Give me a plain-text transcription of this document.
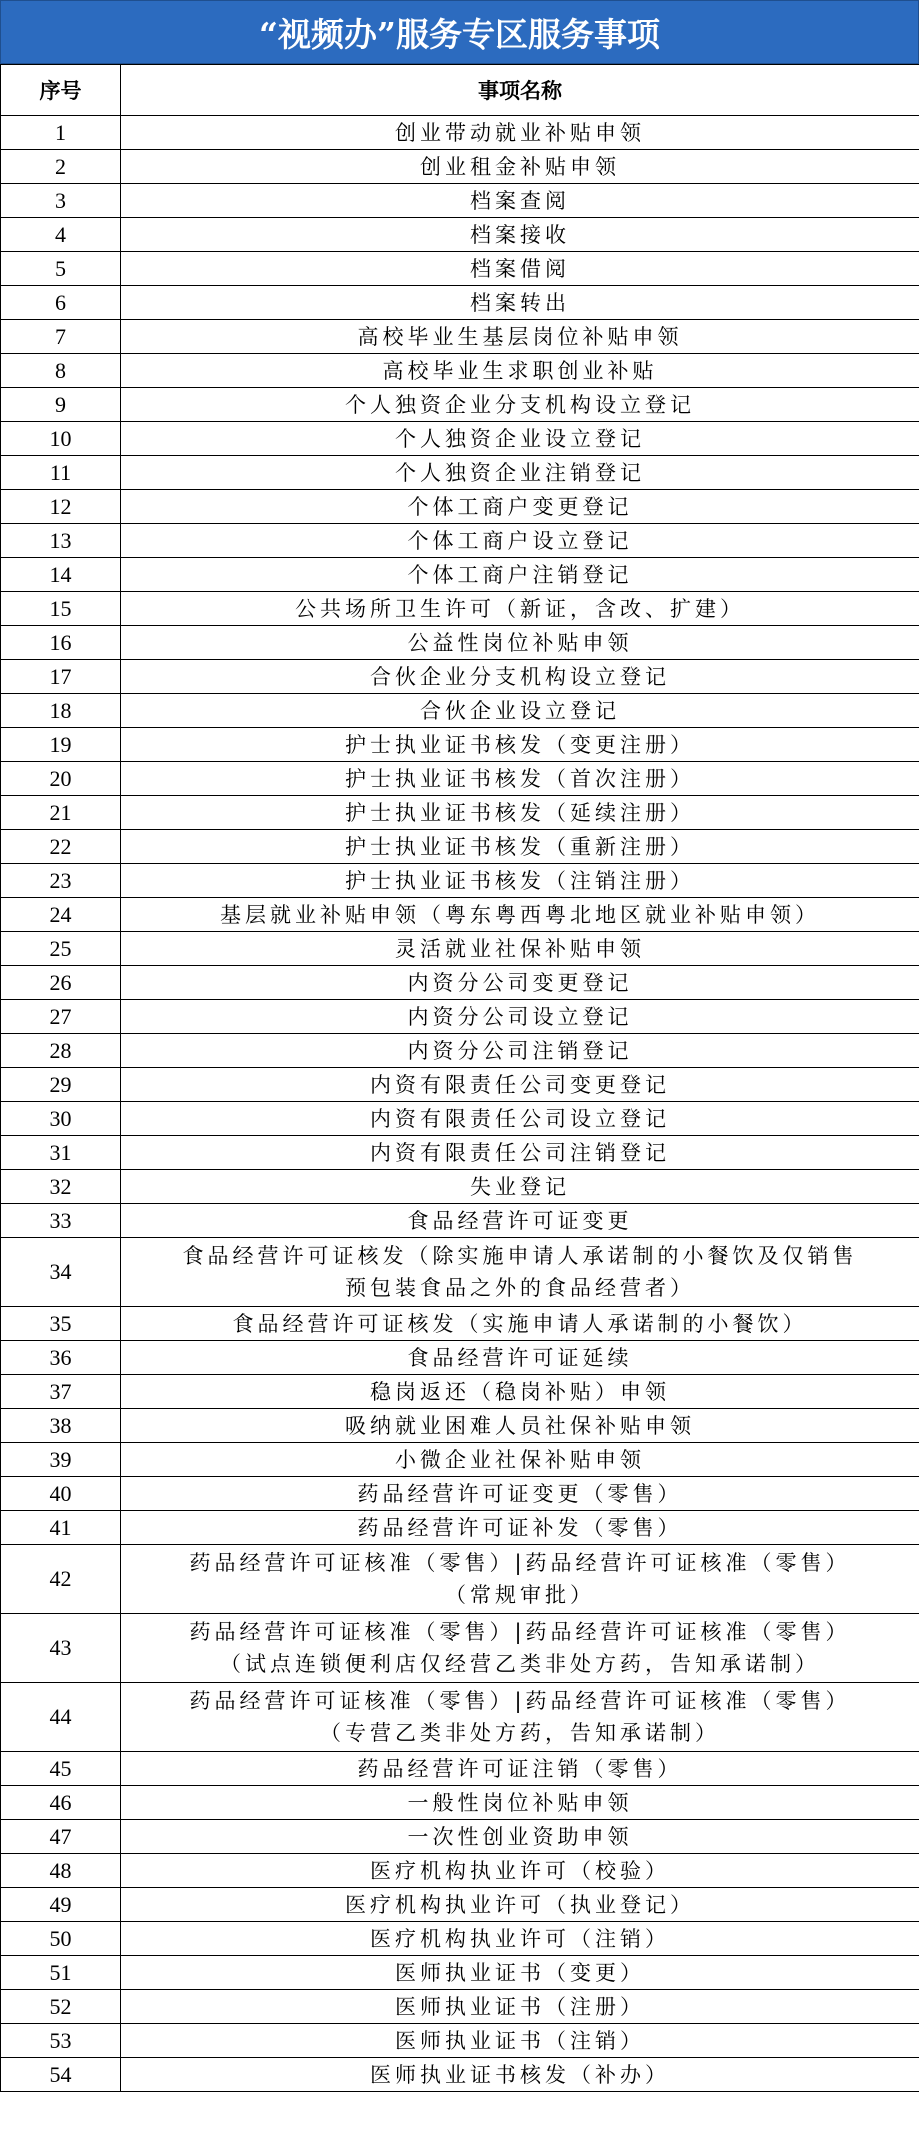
“视频办”服务专区服务事项
序号	事项名称
1	创业带动就业补贴申领

2	创业租金补贴申领

3	档案查阅

4	档案接收

5	档案借阅

6	档案转出

7	高校毕业生基层岗位补贴申领

8	高校毕业生求职创业补贴

9	个人独资企业分支机构设立登记

10	个人独资企业设立登记

11	个人独资企业注销登记

12	个体工商户变更登记

13	个体工商户设立登记

14	个体工商户注销登记

15	公共场所卫生许可（新证，含改、扩建）

16	公益性岗位补贴申领

17	合伙企业分支机构设立登记

18	合伙企业设立登记

19	护士执业证书核发（变更注册）

20	护士执业证书核发（首次注册）

21	护士执业证书核发（延续注册）

22	护士执业证书核发（重新注册）

23	护士执业证书核发（注销注册）

24	基层就业补贴申领（粤东粤西粤北地区就业补贴申领）

25	灵活就业社保补贴申领

26	内资分公司变更登记

27	内资分公司设立登记

28	内资分公司注销登记

29	内资有限责任公司变更登记

30	内资有限责任公司设立登记

31	内资有限责任公司注销登记

32	失业登记

33	食品经营许可证变更

34	食品经营许可证核发（除实施申请人承诺制的小餐饮及仅销售
预包装食品之外的食品经营者）

35	食品经营许可证核发（实施申请人承诺制的小餐饮）

36	食品经营许可证延续

37	稳岗返还（稳岗补贴）申领

38	吸纳就业困难人员社保补贴申领

39	小微企业社保补贴申领

40	药品经营许可证变更（零售）

41	药品经营许可证补发（零售）

42	药品经营许可证核准（零售）|药品经营许可证核准（零售）
（常规审批）

43	药品经营许可证核准（零售）|药品经营许可证核准（零售）
（试点连锁便利店仅经营乙类非处方药，告知承诺制）

44	药品经营许可证核准（零售）|药品经营许可证核准（零售）
（专营乙类非处方药，告知承诺制）

45	药品经营许可证注销（零售）

46	一般性岗位补贴申领

47	一次性创业资助申领

48	医疗机构执业许可（校验）

49	医疗机构执业许可（执业登记）

50	医疗机构执业许可（注销）

51	医师执业证书（变更）

52	医师执业证书（注册）

53	医师执业证书（注销）

54	医师执业证书核发（补办）
